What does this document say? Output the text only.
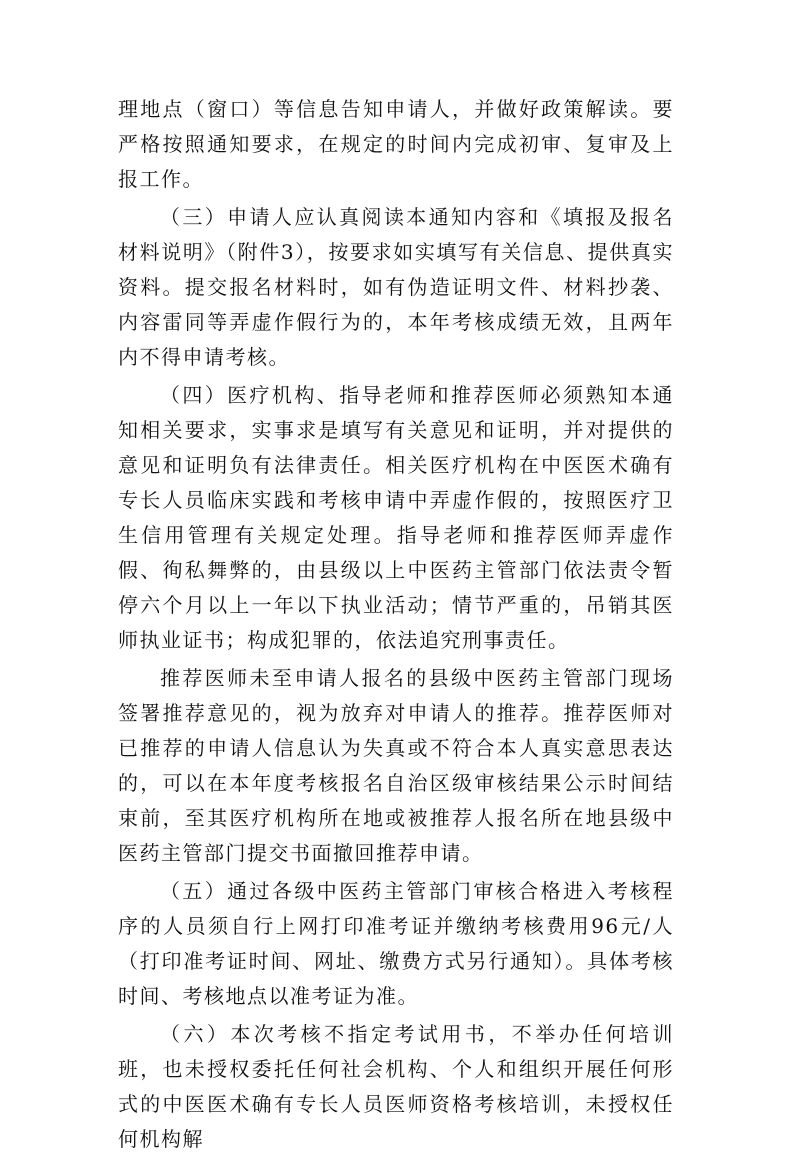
理地点（窗口）等信息告知申请人，并做好政策解读。要严格按照通知要求，在规定的时间内完成初审、复审及上报工作。

（三）申请人应认真阅读本通知内容和《填报及报名材料说明》（附件3），按要求如实填写有关信息、提供真实资料。提交报名材料时，如有伪造证明文件、材料抄袭、内容雷同等弄虚作假行为的，本年考核成绩无效，且两年内不得申请考核。

（四）医疗机构、指导老师和推荐医师必须熟知本通知相关要求，实事求是填写有关意见和证明，并对提供的意见和证明负有法律责任。相关医疗机构在中医医术确有专长人员临床实践和考核申请中弄虚作假的，按照医疗卫生信用管理有关规定处理。指导老师和推荐医师弄虚作假、徇私舞弊的，由县级以上中医药主管部门依法责令暂停六个月以上一年以下执业活动；情节严重的，吊销其医师执业证书；构成犯罪的，依法追究刑事责任。

推荐医师未至申请人报名的县级中医药主管部门现场签署推荐意见的，视为放弃对申请人的推荐。推荐医师对已推荐的申请人信息认为失真或不符合本人真实意思表达的，可以在本年度考核报名自治区级审核结果公示时间结束前，至其医疗机构所在地或被推荐人报名所在地县级中医药主管部门提交书面撤回推荐申请。

（五）通过各级中医药主管部门审核合格进入考核程序的人员须自行上网打印准考证并缴纳考核费用96元/人（打印准考证时间、网址、缴费方式另行通知）。具体考核时间、考核地点以准考证为准。

（六）本次考核不指定考试用书，不举办任何培训班，也未授权委托任何社会机构、个人和组织开展任何形式的中医医术确有专长人员医师资格考核培训，未授权任何机构解
